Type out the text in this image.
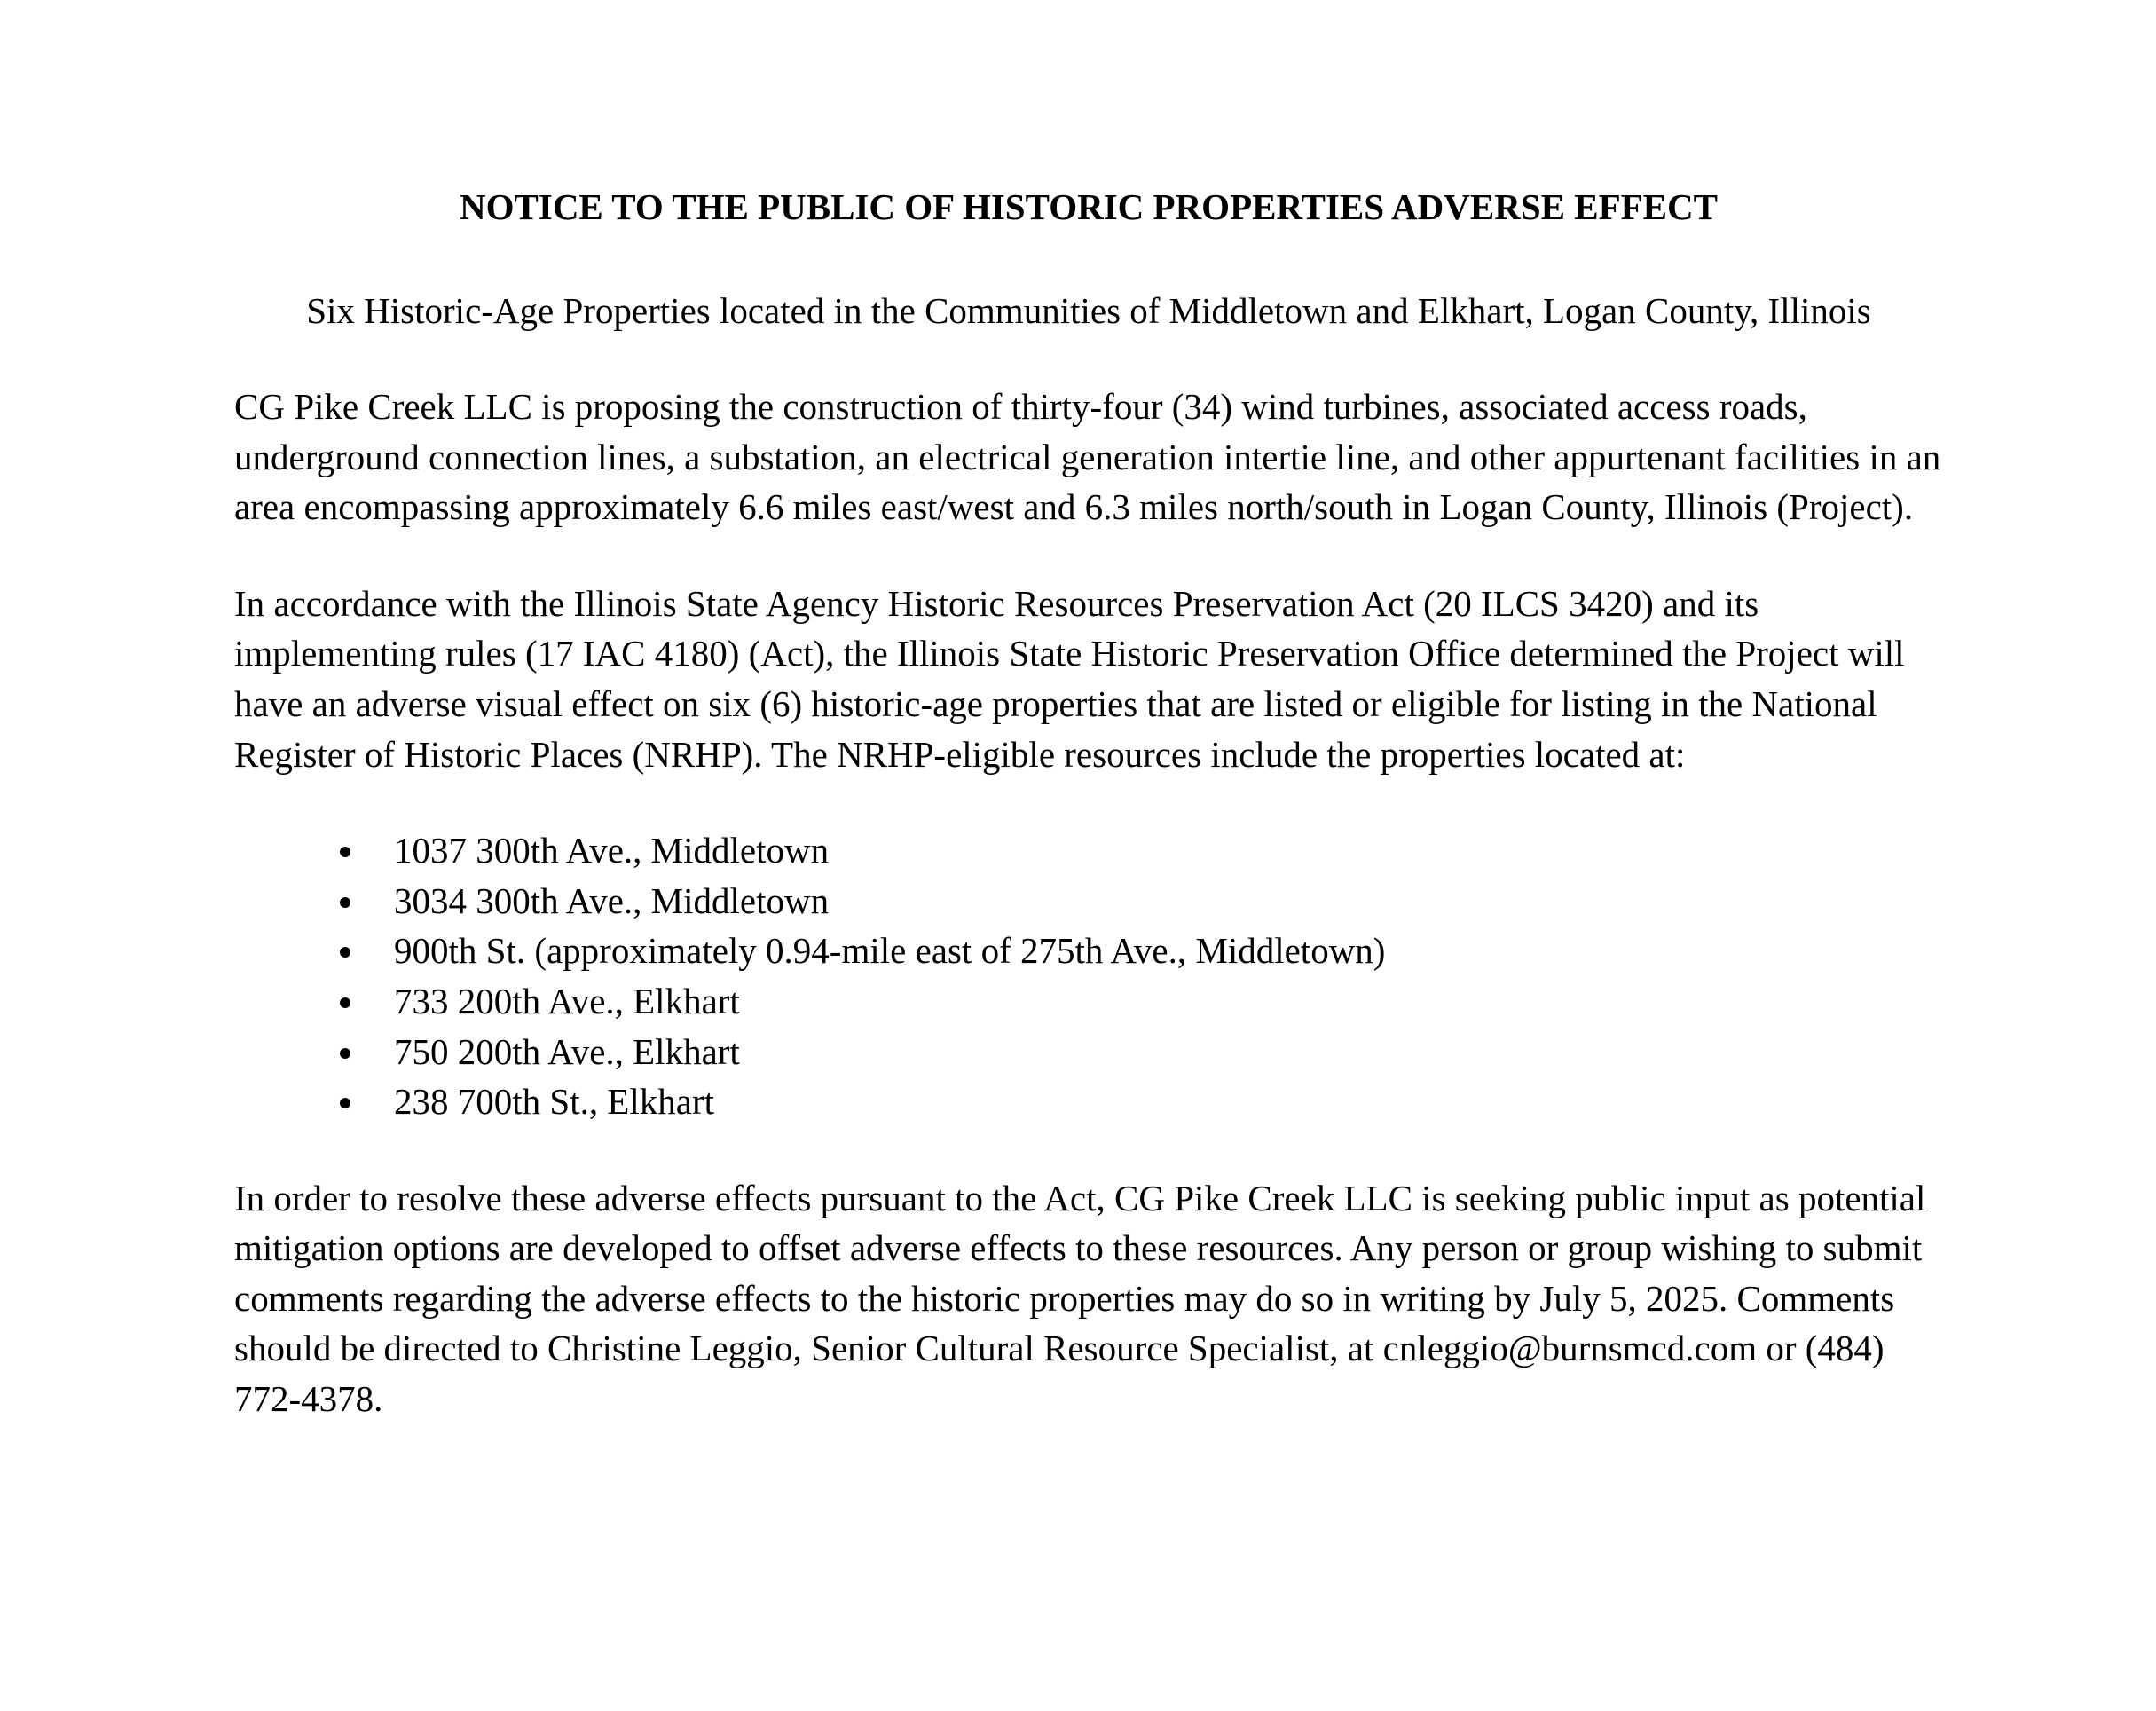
NOTICE TO THE PUBLIC OF HISTORIC PROPERTIES ADVERSE EFFECT

Six Historic-Age Properties located in the Communities of Middletown and Elkhart, Logan County, Illinois

CG Pike Creek LLC is proposing the construction of thirty-four (34) wind turbines, associated access roads, underground connection lines, a substation, an electrical generation intertie line, and other appurtenant facilities in an area encompassing approximately 6.6 miles east/west and 6.3 miles north/south in Logan County, Illinois (Project).

In accordance with the Illinois State Agency Historic Resources Preservation Act (20 ILCS 3420) and its implementing rules (17 IAC 4180) (Act), the Illinois State Historic Preservation Office determined the Project will have an adverse visual effect on six (6) historic-age properties that are listed or eligible for listing in the National Register of Historic Places (NRHP). The NRHP-eligible resources include the properties located at:

• 1037 300th Ave., Middletown
• 3034 300th Ave., Middletown
• 900th St. (approximately 0.94-mile east of 275th Ave., Middletown)
• 733 200th Ave., Elkhart
• 750 200th Ave., Elkhart
• 238 700th St., Elkhart

In order to resolve these adverse effects pursuant to the Act, CG Pike Creek LLC is seeking public input as potential mitigation options are developed to offset adverse effects to these resources. Any person or group wishing to submit comments regarding the adverse effects to the historic properties may do so in writing by July 5, 2025. Comments should be directed to Christine Leggio, Senior Cultural Resource Specialist, at cnleggio@burnsmcd.com or (484) 772-4378.
